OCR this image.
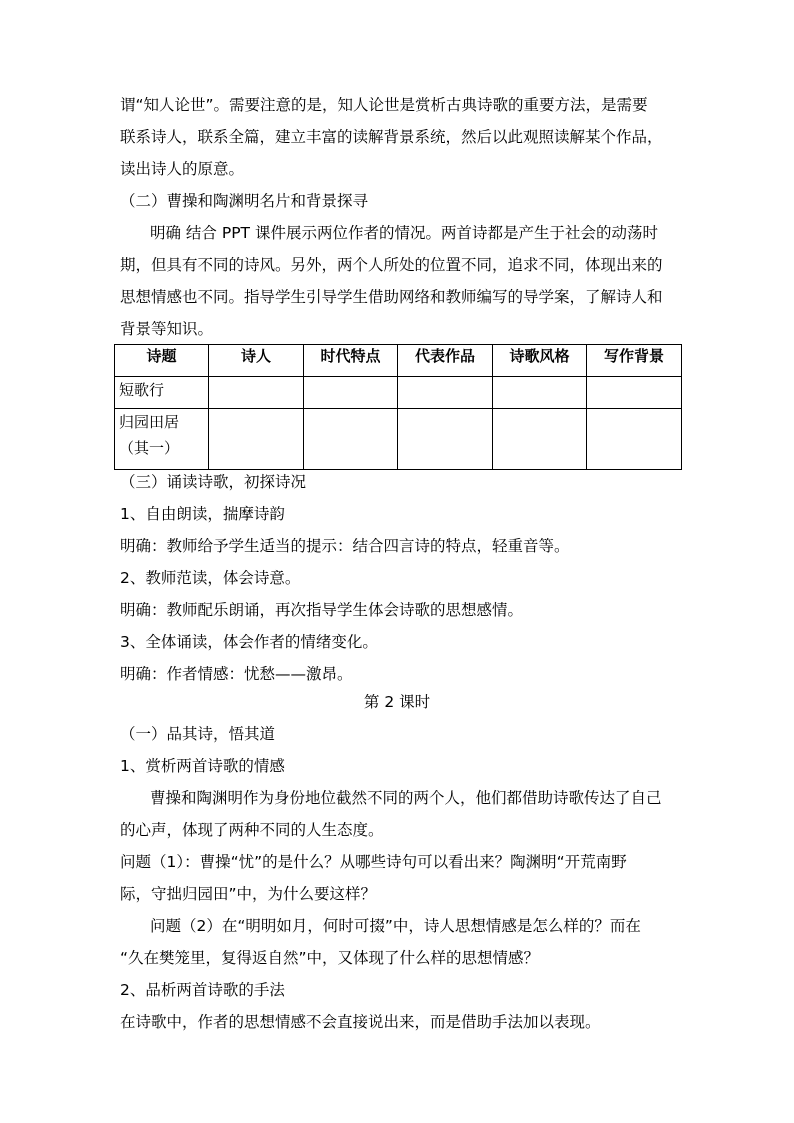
谓“知人论世”。需要注意的是，知人论世是赏析古典诗歌的重要方法，是需要
联系诗人，联系全篇，建立丰富的读解背景系统，然后以此观照读解某个作品，
读出诗人的原意。
（二）曹操和陶渊明名片和背景探寻
明确 结合 PPT 课件展示两位作者的情况。两首诗都是产生于社会的动荡时
期，但具有不同的诗风。另外，两个人所处的位置不同，追求不同，体现出来的
思想情感也不同。指导学生引导学生借助网络和教师编写的导学案，了解诗人和
背景等知识。
诗题	诗人	时代特点	代表作品	诗歌风格	写作背景

短歌行					

归园田居
（其一）					

（三）诵读诗歌，初探诗况
1、自由朗读，揣摩诗韵
明确：教师给予学生适当的提示：结合四言诗的特点，轻重音等。
2、教师范读，体会诗意。
明确：教师配乐朗诵，再次指导学生体会诗歌的思想感情。
3、全体诵读，体会作者的情绪变化。
明确：作者情感：忧愁——激昂。
第 2 课时
（一）品其诗，悟其道
1、赏析两首诗歌的情感
曹操和陶渊明作为身份地位截然不同的两个人，他们都借助诗歌传达了自己
的心声，体现了两种不同的人生态度。
问题（1）：曹操“忧”的是什么？从哪些诗句可以看出来？陶渊明“开荒南野
际，守拙归园田”中，为什么要这样？
问题（2）在“明明如月，何时可掇”中，诗人思想情感是怎么样的？而在
“久在樊笼里，复得返自然”中，又体现了什么样的思想情感？
2、品析两首诗歌的手法
在诗歌中，作者的思想情感不会直接说出来，而是借助手法加以表现。
